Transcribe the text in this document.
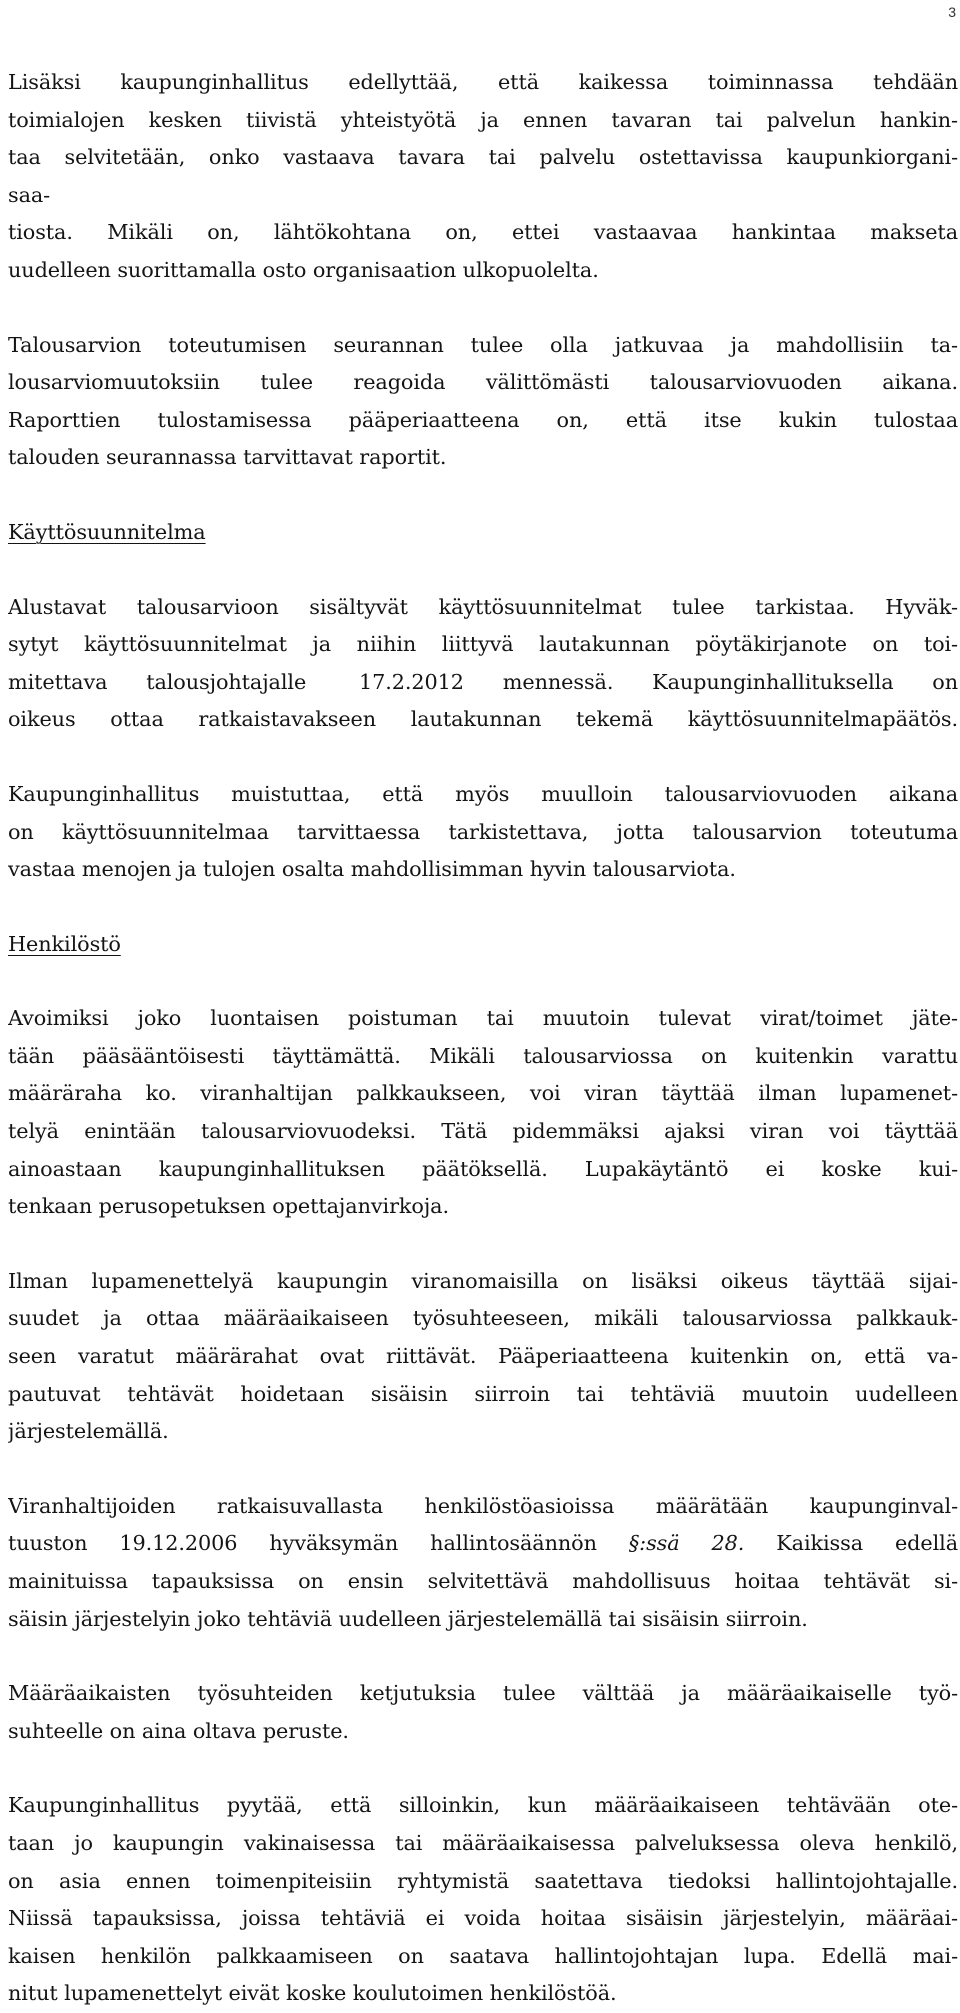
3

Lisäksi kaupunginhallitus edellyttää, että kaikessa toiminnassa tehdään
toimialojen kesken tiivistä yhteistyötä ja ennen tavaran tai palvelun hankin-
taa selvitetään, onko vastaava tavara tai palvelu ostettavissa kaupunkiorgani-
saa-
tiosta. Mikäli on, lähtökohtana on, ettei vastaavaa hankintaa makseta
uudelleen suorittamalla osto organisaation ulkopuolelta.

Talousarvion toteutumisen seurannan tulee olla jatkuvaa ja mahdollisiin ta-
lousarviomuutoksiin tulee reagoida välittömästi talousarviovuoden aikana.
Raporttien tulostamisessa pääperiaatteena on, että itse kukin tulostaa
talouden seurannassa tarvittavat raportit.

Käyttösuunnitelma

Alustavat talousarvioon sisältyvät käyttösuunnitelmat tulee tarkistaa. Hyväk-
sytyt käyttösuunnitelmat ja niihin liittyvä lautakunnan pöytäkirjanote on toi-
mitettava talousjohtajalle	17.2.2012 mennessä. Kaupunginhallituksella on
oikeus ottaa ratkaistavakseen lautakunnan tekemä käyttösuunnitelmapäätös.

Kaupunginhallitus muistuttaa, että myös muulloin talousarviovuoden aikana
on käyttösuunnitelmaa tarvittaessa tarkistettava, jotta talousarvion toteutuma
vastaa menojen ja tulojen osalta mahdollisimman hyvin talousarviota.

Henkilöstö

Avoimiksi joko luontaisen poistuman tai muutoin tulevat virat/toimet jäte-
tään pääsääntöisesti täyttämättä. Mikäli talousarviossa on kuitenkin varattu
määräraha ko. viranhaltijan palkkaukseen, voi viran täyttää ilman lupamenet-
telyä enintään talousarviovuodeksi. Tätä pidemmäksi ajaksi viran voi täyttää
ainoastaan kaupunginhallituksen päätöksellä. Lupakäytäntö ei koske kui-
tenkaan perusopetuksen opettajanvirkoja.

Ilman lupamenettelyä kaupungin viranomaisilla on lisäksi oikeus täyttää sijai-
suudet ja ottaa määräaikaiseen työsuhteeseen, mikäli talousarviossa palkkauk-
seen varatut määrärahat ovat riittävät. Pääperiaatteena kuitenkin on, että va-
pautuvat tehtävät hoidetaan sisäisin siirroin tai tehtäviä muutoin uudelleen
järjestelemällä.

Viranhaltijoiden ratkaisuvallasta henkilöstöasioissa määrätään kaupunginval-
tuuston 19.12.2006 hyväksymän hallintosäännön §:ssä 28. Kaikissa edellä
mainituissa tapauksissa on ensin selvitettävä mahdollisuus hoitaa tehtävät si-
säisin järjestelyin joko tehtäviä uudelleen järjestelemällä tai sisäisin siirroin.

Määräaikaisten työsuhteiden ketjutuksia tulee välttää ja määräaikaiselle työ-
suhteelle on aina oltava peruste.

Kaupunginhallitus pyytää, että silloinkin, kun määräaikaiseen tehtävään ote-
taan jo kaupungin vakinaisessa tai määräaikaisessa palveluksessa oleva henkilö,
on asia ennen toimenpiteisiin ryhtymistä saatettava tiedoksi hallintojohtajalle.
Niissä tapauksissa, joissa tehtäviä ei voida hoitaa sisäisin järjestelyin, määräai-
kaisen henkilön palkkaamiseen on saatava hallintojohtajan lupa. Edellä mai-
nitut lupamenettelyt eivät koske koulutoimen henkilöstöä.
